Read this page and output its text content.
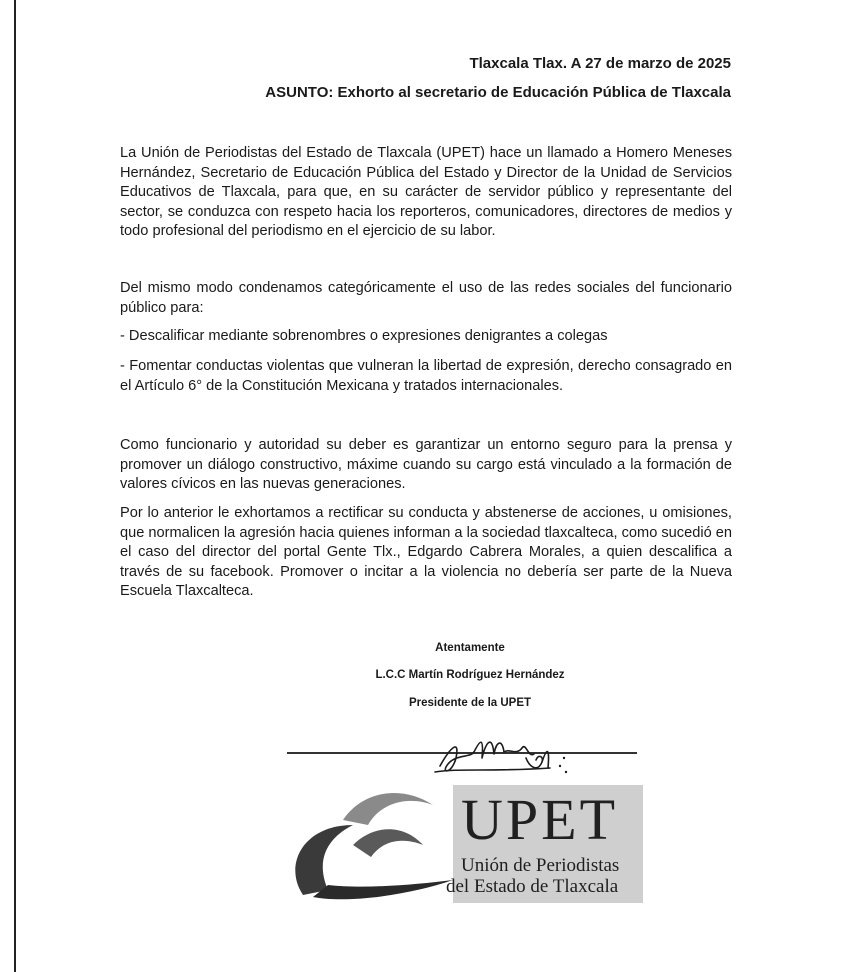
Tlaxcala Tlax. A 27 de marzo de 2025
ASUNTO: Exhorto al secretario de Educación Pública de Tlaxcala

La Unión de Periodistas del Estado de Tlaxcala (UPET) hace un llamado a Homero Meneses Hernández, Secretario de Educación Pública del Estado y Director de la Unidad de Servicios Educativos de Tlaxcala, para que, en su carácter de servidor público y representante del sector, se conduzca con respeto hacia los reporteros, comunicadores, directores de medios y todo profesional del periodismo en el ejercicio de su labor.

Del mismo modo condenamos categóricamente el uso de las redes sociales del funcionario público para:

- Descalificar mediante sobrenombres o expresiones denigrantes a colegas

- Fomentar conductas violentas que vulneran la libertad de expresión, derecho consagrado en el Artículo 6° de la Constitución Mexicana y tratados internacionales.

Como funcionario y autoridad su deber es garantizar un entorno seguro para la prensa y promover un diálogo constructivo, máxime cuando su cargo está vinculado a la formación de valores cívicos en las nuevas generaciones.

Por lo anterior le exhortamos a rectificar su conducta y abstenerse de acciones, u omisiones, que normalicen la agresión hacia quienes informan a la sociedad tlaxcalteca, como sucedió en el caso del director del portal Gente Tlx., Edgardo Cabrera Morales, a quien descalifica a través de su facebook. Promover o incitar a la violencia no debería ser parte de la Nueva Escuela Tlaxcalteca.

Atentamente
L.C.C Martín Rodríguez Hernández
Presidente de la UPET
UPET
Unión de Periodistas
del Estado de Tlaxcala
